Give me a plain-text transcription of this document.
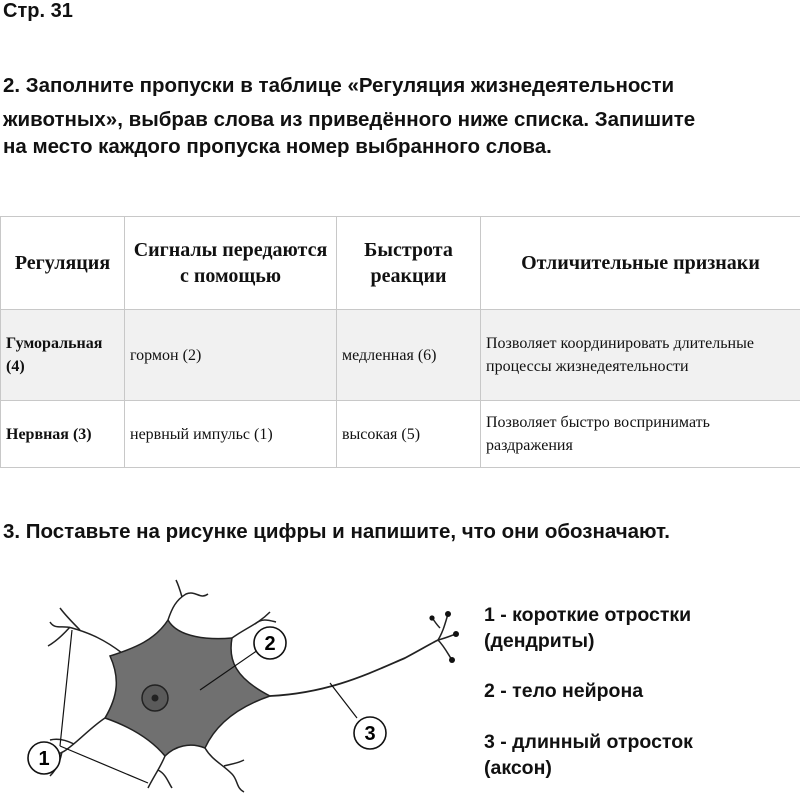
Стр. 31
2. Заполните пропуски в таблице «Регуляция жизнедеятельности
животных», выбрав слова из приведённого ниже списка. Запишите
на место каждого пропуска номер выбранного слова.
Регуляция	Сигналы передаются с помощью	Быстрота реакции	Отличительные признаки
Гуморальная (4)	гормон (2)	медленная (6)	Позволяет координировать длительные процессы жизнедеятельности
Нервная (3)	нервный импульс (1)	высокая (5)	Позволяет быстро воспринимать раздражения
3. Поставьте на рисунке цифры и напишите, что они обозначают.
2
3
1
1 - короткие отростки
(дендриты)
2 - тело нейрона
3 - длинный отросток
(аксон)
